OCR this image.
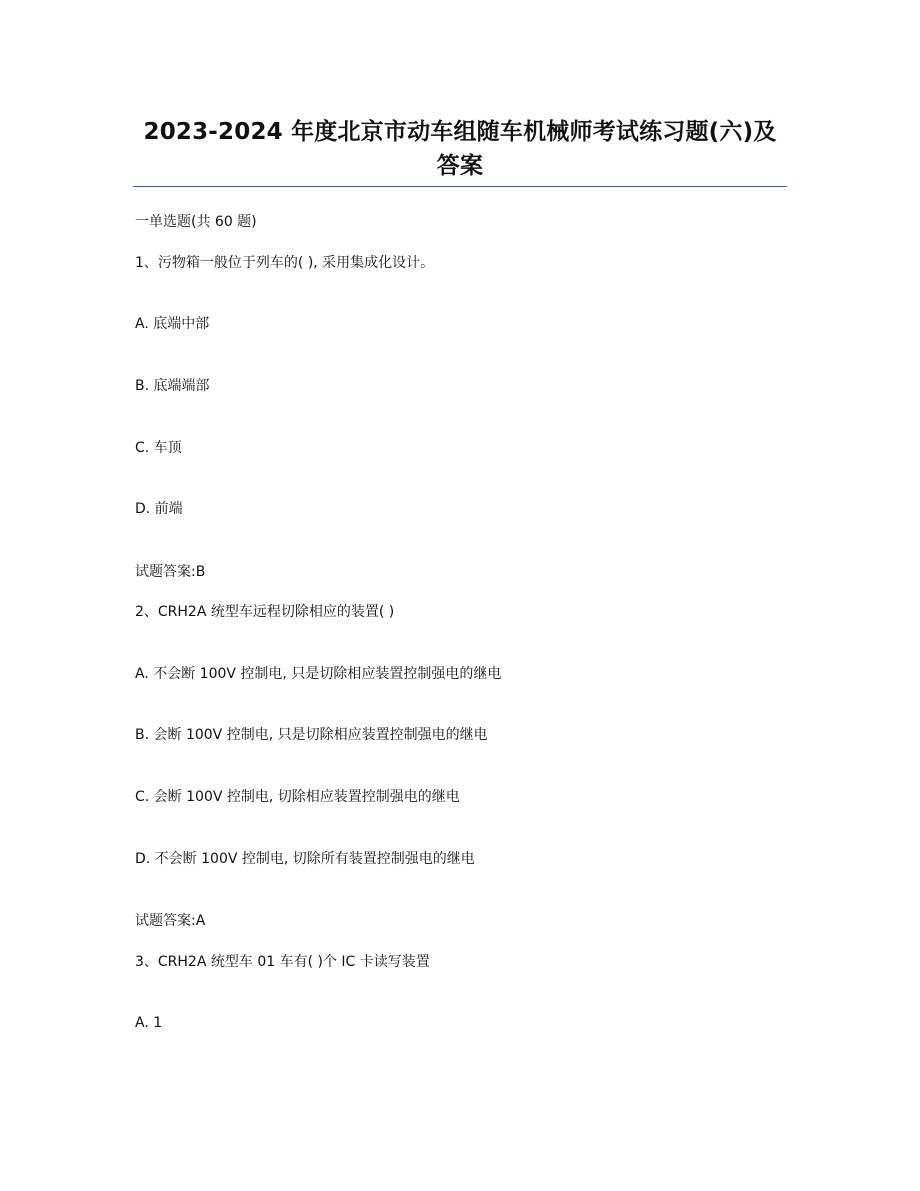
2023-2024 年度北京市动车组随车机械师考试练习题(六)及
答案
一单选题(共 60 题)
1、污物箱一般位于列车的( ), 采用集成化设计。
A. 底端中部
B. 底端端部
C. 车顶
D. 前端
试题答案:B
2、CRH2A 统型车远程切除相应的装置( )
A. 不会断 100V 控制电, 只是切除相应装置控制强电的继电
B. 会断 100V 控制电, 只是切除相应装置控制强电的继电
C. 会断 100V 控制电, 切除相应装置控制强电的继电
D. 不会断 100V 控制电, 切除所有装置控制强电的继电
试题答案:A
3、CRH2A 统型车 01 车有( )个 IC 卡读写装置
A. 1
